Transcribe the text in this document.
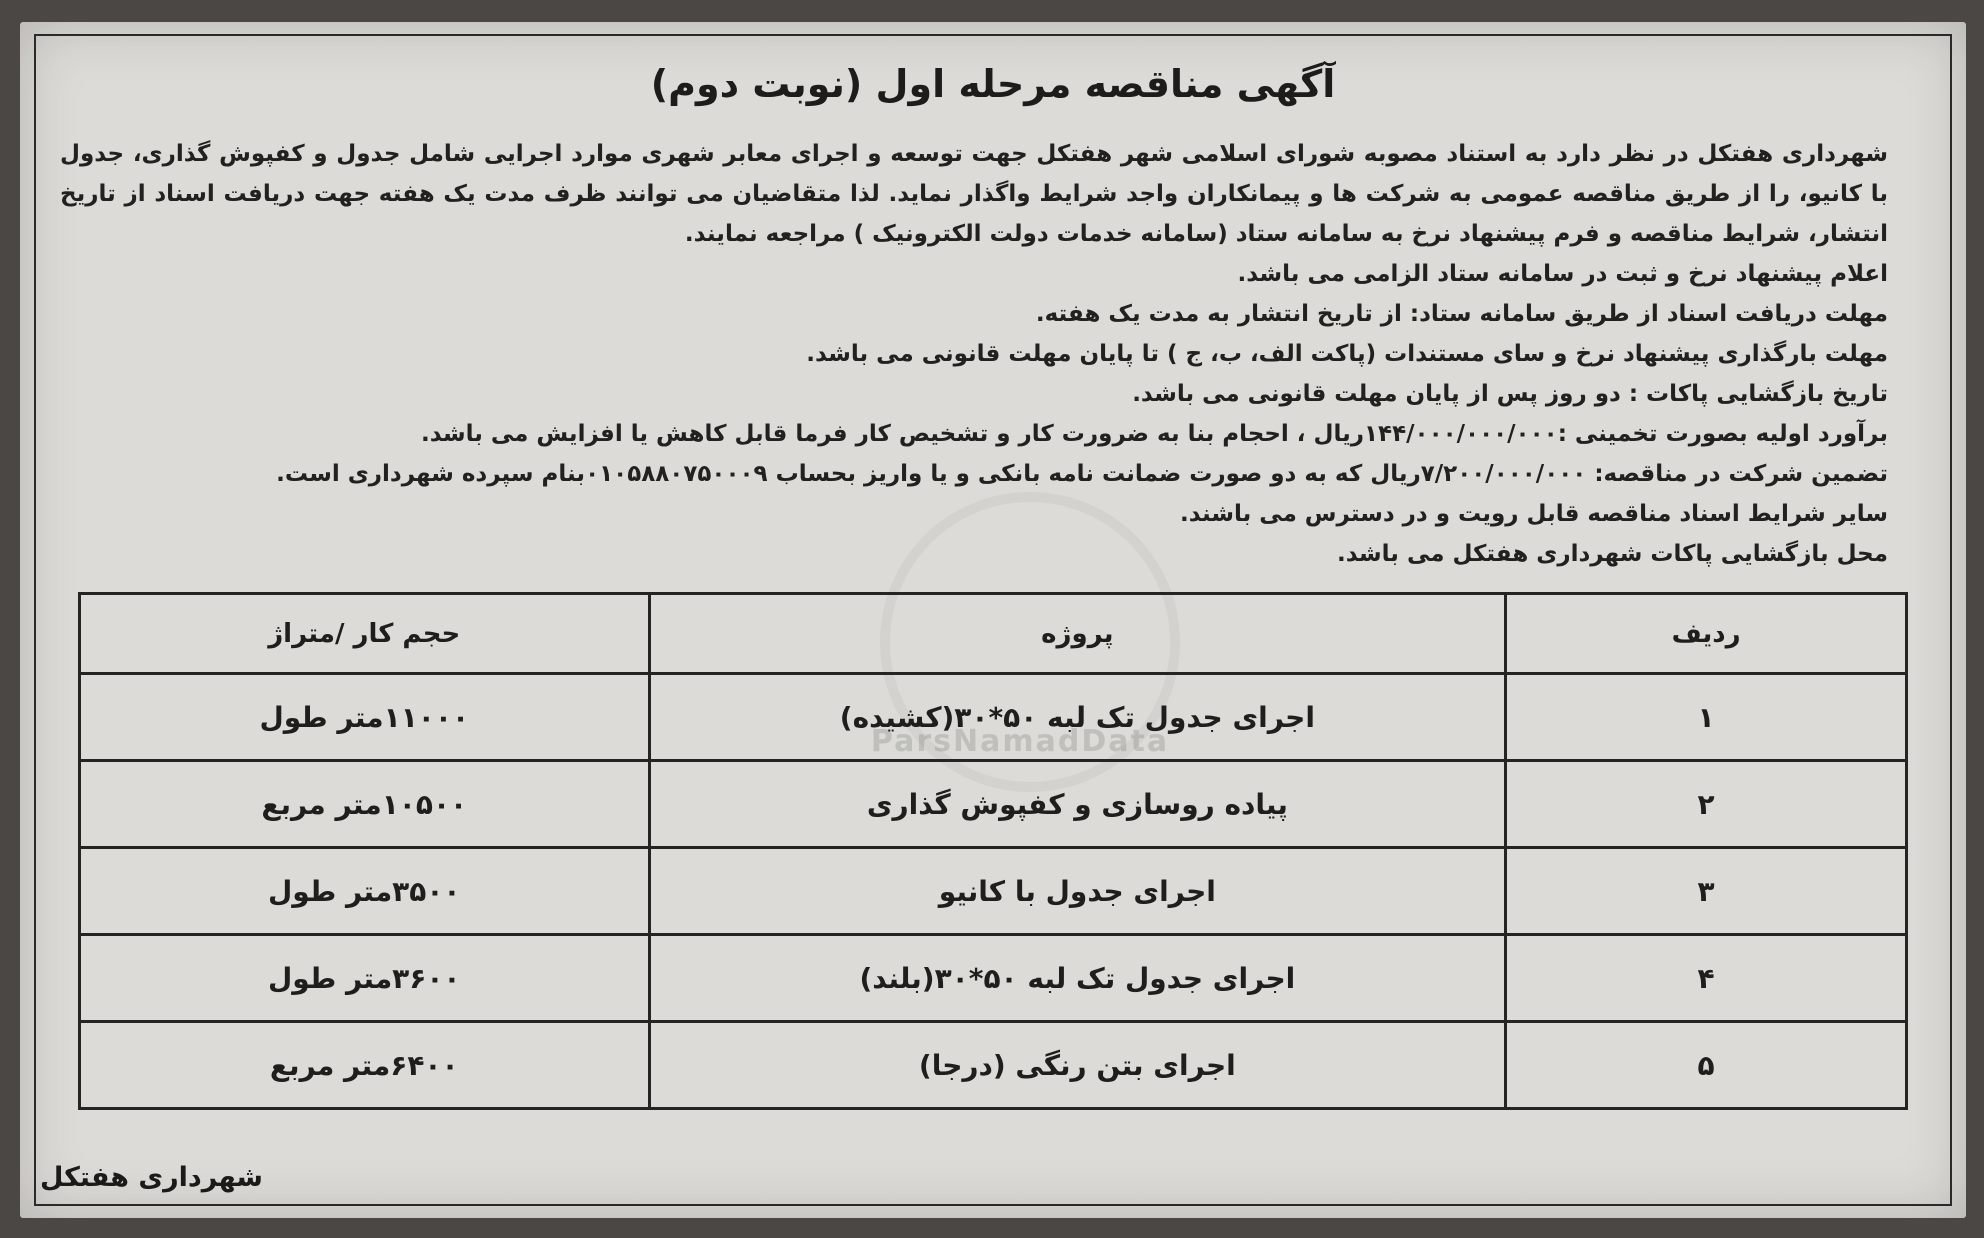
ParsNamadData
آگهی مناقصه مرحله اول (نوبت دوم)

شهرداری هفتکل در نظر دارد به استناد مصوبه شورای اسلامی شهر هفتکل جهت توسعه و اجرای معابر شهری موارد اجرایی شامل جدول و کفپوش گذاری، جدول با کانیو، را از طریق مناقصه عمومی به شرکت ها و پیمانکاران واجد شرایط واگذار نماید. لذا متقاضیان می توانند ظرف مدت یک هفته جهت دریافت اسناد از تاریخ انتشار، شرایط مناقصه و فرم پیشنهاد نرخ به سامانه ستاد (سامانه خدمات دولت الکترونیک ) مراجعه نمایند.

اعلام پیشنهاد نرخ و ثبت در سامانه ستاد الزامی می باشد.

مهلت دریافت اسناد از طریق سامانه ستاد: از تاریخ انتشار به مدت یک هفته.

مهلت بارگذاری پیشنهاد نرخ و سای مستندات (پاکت الف، ب، ج ) تا پایان مهلت قانونی می باشد.

تاریخ بازگشایی پاکات : دو روز پس از پایان مهلت قانونی می باشد.

برآورد اولیه بصورت تخمینی :۱۴۴/۰۰۰/۰۰۰/۰۰۰ریال ، احجام بنا به ضرورت کار و تشخیص کار فرما قابل کاهش یا افزایش می باشد.

تضمین شرکت در مناقصه: ۷/۲۰۰/۰۰۰/۰۰۰ریال که به دو صورت ضمانت نامه بانکی و یا واریز بحساب ۰۱۰۵۸۸۰۷۵۰۰۰۹بنام سپرده شهرداری است.

سایر شرایط اسناد مناقصه قابل رویت و در دسترس می باشند.

محل بازگشایی پاکات شهرداری هفتکل می باشد.

ردیف	پروژه	حجم کار /متراژ
۱	اجرای جدول تک لبه ۵۰*۳۰(کشیده)	۱۱۰۰۰متر طول
۲	پیاده روسازی و کفپوش گذاری	۱۰۵۰۰متر مربع
۳	اجرای جدول با کانیو	۳۵۰۰متر طول
۴	اجرای جدول تک لبه ۵۰*۳۰(بلند)	۳۶۰۰متر طول
۵	اجرای بتن رنگی (درجا)	۶۴۰۰متر مربع
شهرداری هفتکل
